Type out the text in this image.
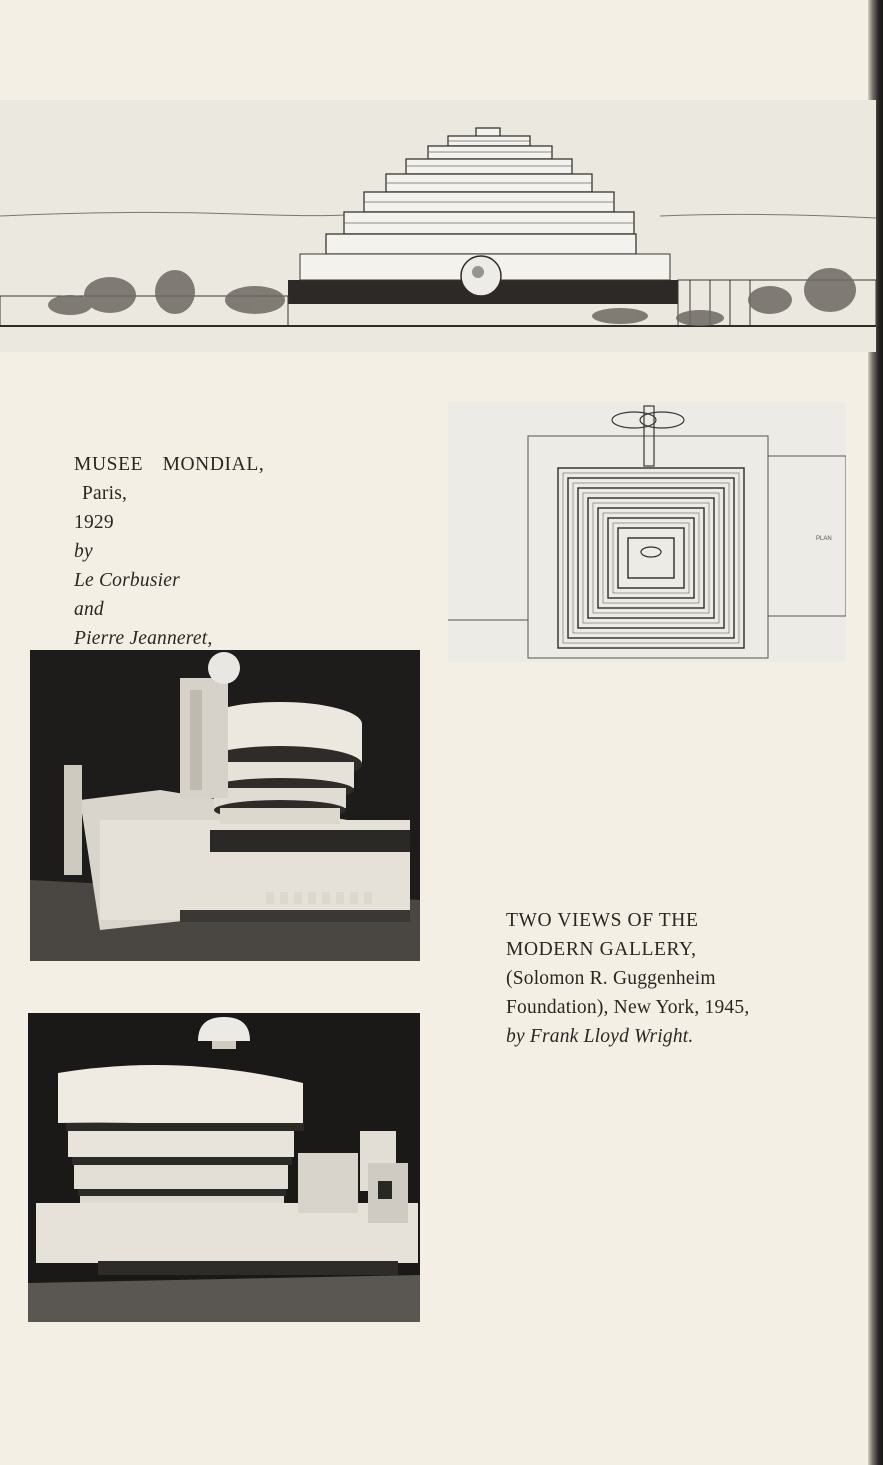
PLAN
MUSEE MONDIAL,
Paris,
1929
by
Le Corbusier
and
Pierre Jeanneret,

TWO VIEWS OF THE
MODERN GALLERY,
(Solomon R. Guggenheim
Foundation), New York, 1945,
by Frank Lloyd Wright.
